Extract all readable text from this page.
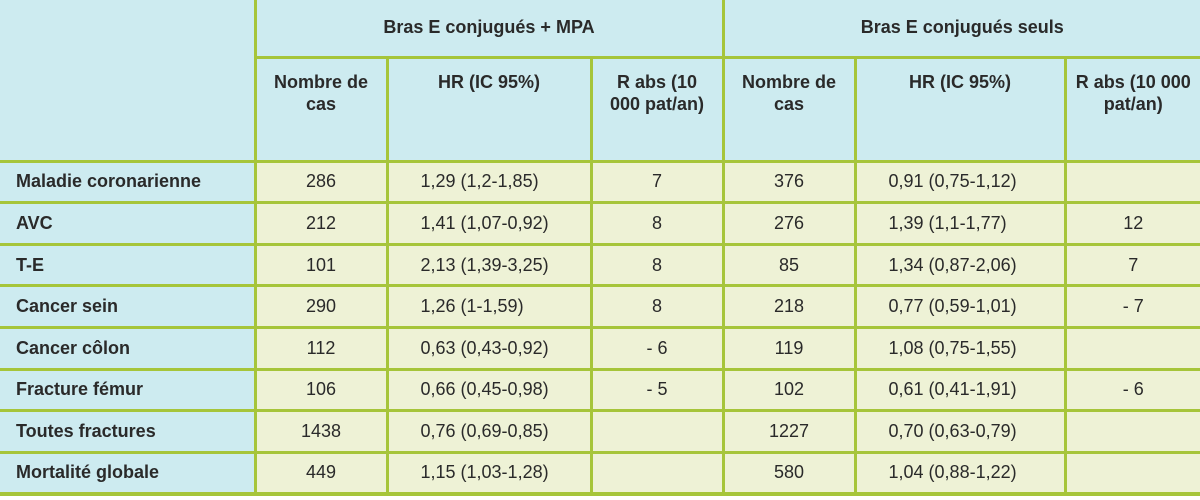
	Bras E conjugués + MPA			Bras E conjugués seuls		
	Nombre de cas	HR (IC 95%)	R abs (10 000 pat/an)	Nombre de cas	HR (IC 95%)	R abs (10 000 pat/an)
Maladie coronarienne	286	1,29 (1,2-1,85)	7	376	0,91 (0,75-1,12)	
AVC	212	1,41 (1,07-0,92)	8	276	1,39 (1,1-1,77)	12
T-E	101	2,13 (1,39-3,25)	8	85	1,34 (0,87-2,06)	7
Cancer sein	290	1,26 (1-1,59)	8	218	0,77 (0,59-1,01)	- 7
Cancer côlon	112	0,63 (0,43-0,92)	- 6	119	1,08 (0,75-1,55)	
Fracture fémur	106	0,66 (0,45-0,98)	- 5	102	0,61 (0,41-1,91)	- 6
Toutes fractures	1438	0,76 (0,69-0,85)		1227	0,70 (0,63-0,79)	
Mortalité globale	449	1,15 (1,03-1,28)		580	1,04 (0,88-1,22)	
